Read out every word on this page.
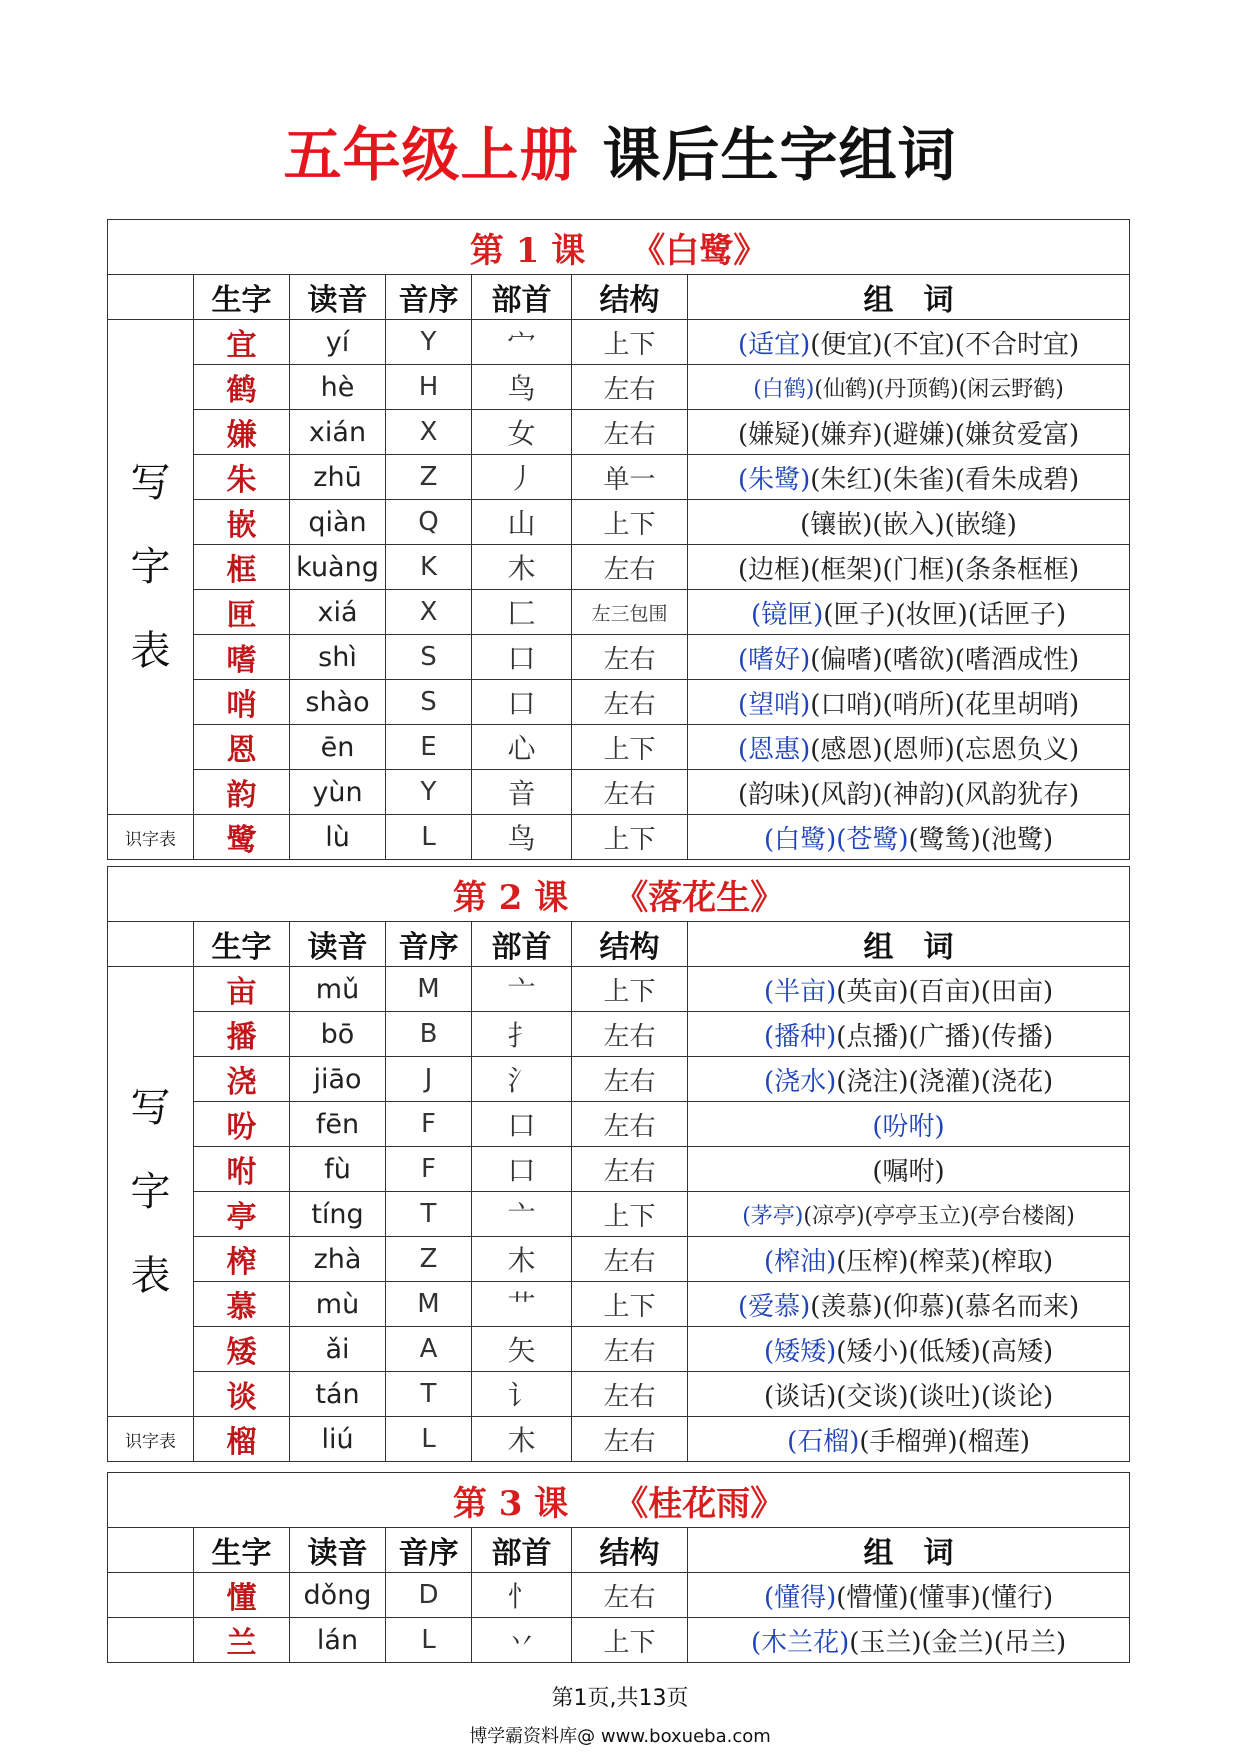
五年级上册 课后生字组词
第 1 课 《白鹭》						
	生字	读音	音序	部首	结构	组　词

写
字
表	宜	yí	Y	宀	上下	(适宜)(便宜)(不宜)(不合时宜)
	鹤	hè	H	鸟	左右	(白鹤)(仙鹤)(丹顶鹤)(闲云野鹤)
	嫌	xián	X	女	左右	(嫌疑)(嫌弃)(避嫌)(嫌贫爱富)
	朱	zhū	Z	丿	单一	(朱鹭)(朱红)(朱雀)(看朱成碧)
	嵌	qiàn	Q	山	上下	(镶嵌)(嵌入)(嵌缝)
	框	kuàng	K	木	左右	(边框)(框架)(门框)(条条框框)
	匣	xiá	X	匚	左三包围	(镜匣)(匣子)(妆匣)(话匣子)
	嗜	shì	S	口	左右	(嗜好)(偏嗜)(嗜欲)(嗜酒成性)
	哨	shào	S	口	左右	(望哨)(口哨)(哨所)(花里胡哨)
	恩	ēn	E	心	上下	(恩惠)(感恩)(恩师)(忘恩负义)
	韵	yùn	Y	音	左右	(韵味)(风韵)(神韵)(风韵犹存)
识字表	鹭	lù	L	鸟	上下	(白鹭)(苍鹭)(鹭鸶)(池鹭)
第 2 课 《落花生》						
	生字	读音	音序	部首	结构	组　词

写
字
表	亩	mǔ	M	亠	上下	(半亩)(英亩)(百亩)(田亩)
	播	bō	B	扌	左右	(播种)(点播)(广播)(传播)
	浇	jiāo	J	氵	左右	(浇水)(浇注)(浇灌)(浇花)
	吩	fēn	F	口	左右	(吩咐)
	咐	fù	F	口	左右	(嘱咐)
	亭	tíng	T	亠	上下	(茅亭)(凉亭)(亭亭玉立)(亭台楼阁)
	榨	zhà	Z	木	左右	(榨油)(压榨)(榨菜)(榨取)
	慕	mù	M	艹	上下	(爱慕)(羡慕)(仰慕)(慕名而来)
	矮	ǎi	A	矢	左右	(矮矮)(矮小)(低矮)(高矮)
	谈	tán	T	讠	左右	(谈话)(交谈)(谈吐)(谈论)
识字表	榴	liú	L	木	左右	(石榴)(手榴弹)(榴莲)
第 3 课 《桂花雨》						
	生字	读音	音序	部首	结构	组　词
	懂	dǒng	D	忄	左右	(懂得)(懵懂)(懂事)(懂行)
	兰	lán	L	丷	上下	(木兰花)(玉兰)(金兰)(吊兰)
第1页,共13页
博学霸资料库@ www.boxueba.com
